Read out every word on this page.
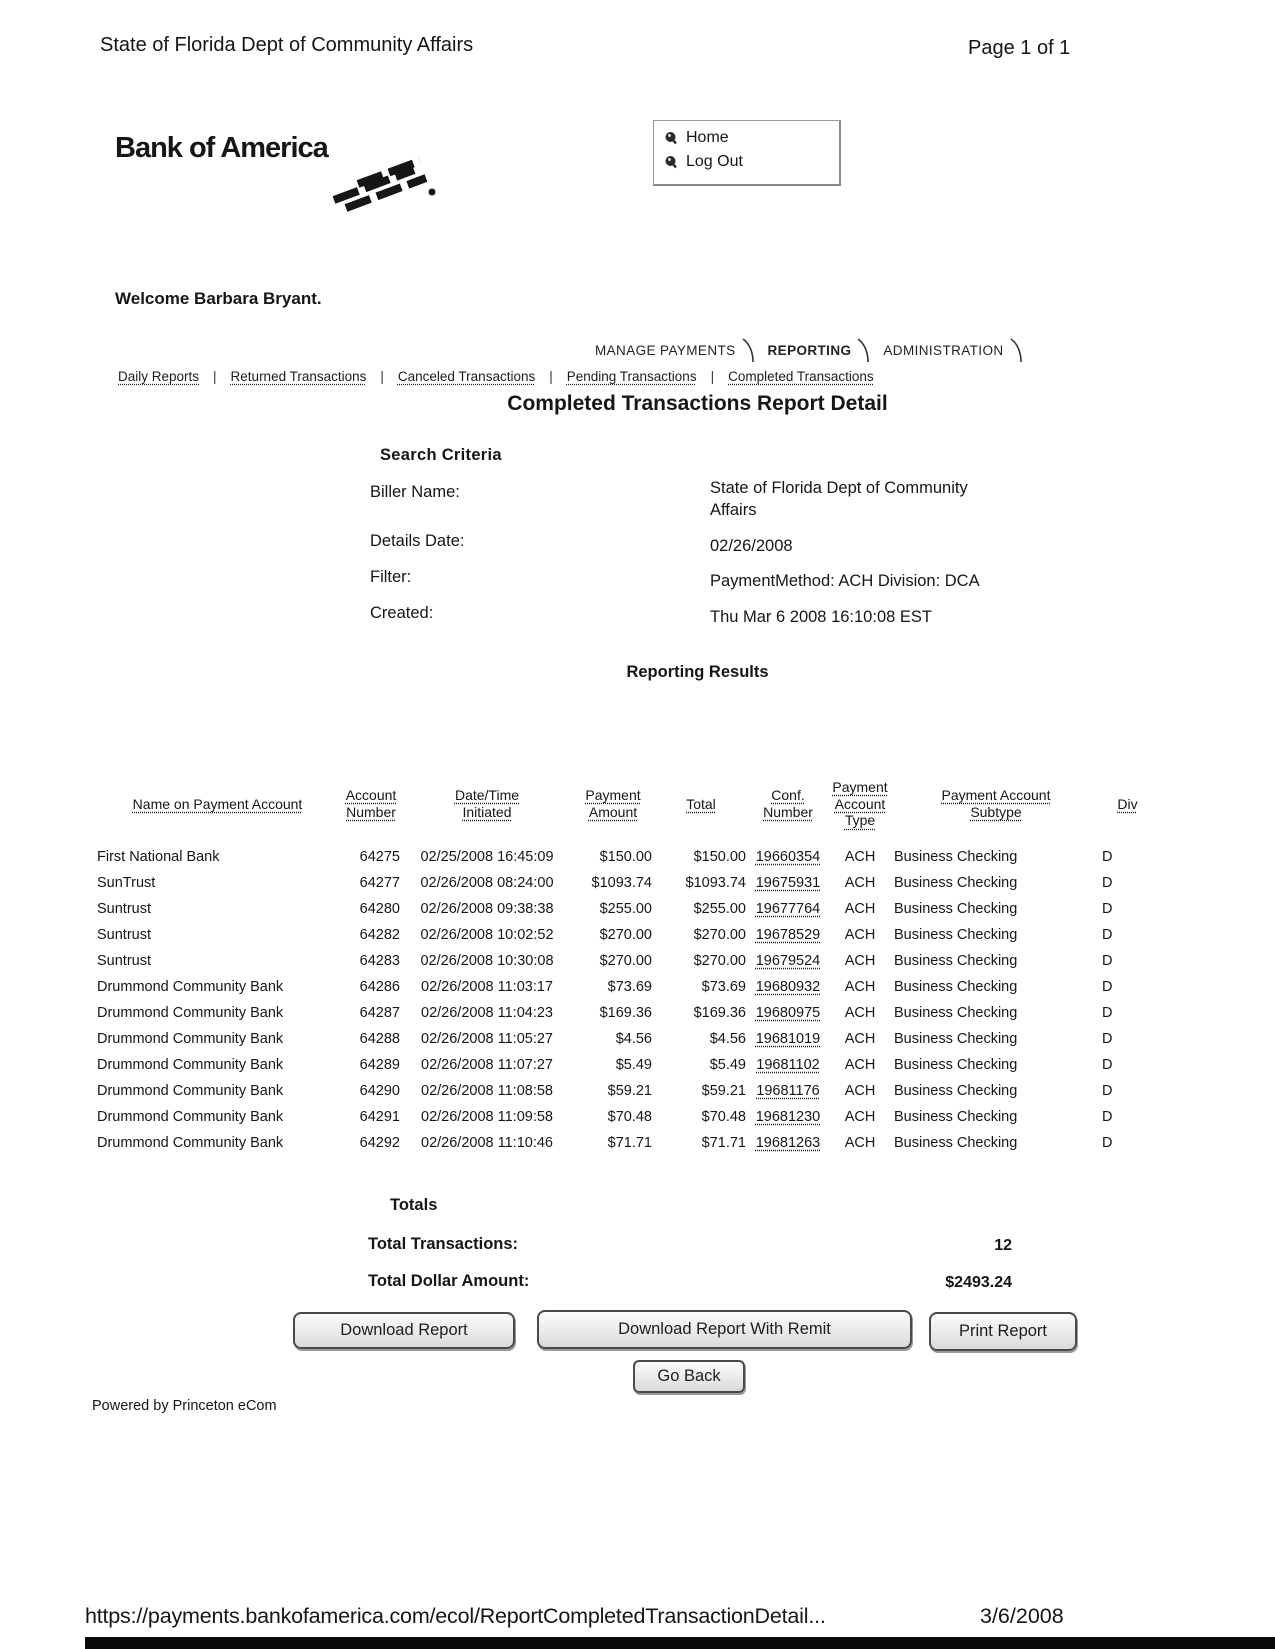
State of Florida Dept of Community Affairs	Page 1 of 1
Bank of America	Home
Log Out
Welcome Barbara Bryant.
MANAGE PAYMENTS REPORTING ADMINISTRATION
Daily Reports |	Returned Transactions |	Canceled Transactions |	Pending Transactions |	Completed Transactions
Completed Transactions Report Detail
Search Criteria
Biller Name:	State of Florida Dept of Community Affairs
Details Date:	02/26/2008
Filter:	PaymentMethod: ACH Division: DCA
Created:	Thu Mar 6 2008 16:10:08 EST
Reporting Results
Name on Payment Account	Account Number	Date/Time Initiated	Payment Amount	Total	Conf. Number	Payment Account Type	Payment Account Subtype	Div
First National Bank	64275	02/25/2008 16:45:09	$150.00	$150.00	19660354	ACH	Business Checking	D
SunTrust	64277	02/26/2008 08:24:00	$1093.74	$1093.74	19675931	ACH	Business Checking	D
Suntrust	64280	02/26/2008 09:38:38	$255.00	$255.00	19677764	ACH	Business Checking	D
Suntrust	64282	02/26/2008 10:02:52	$270.00	$270.00	19678529	ACH	Business Checking	D
Suntrust	64283	02/26/2008 10:30:08	$270.00	$270.00	19679524	ACH	Business Checking	D
Drummond Community Bank	64286	02/26/2008 11:03:17	$73.69	$73.69	19680932	ACH	Business Checking	D
Drummond Community Bank	64287	02/26/2008 11:04:23	$169.36	$169.36	19680975	ACH	Business Checking	D
Drummond Community Bank	64288	02/26/2008 11:05:27	$4.56	$4.56	19681019	ACH	Business Checking	D
Drummond Community Bank	64289	02/26/2008 11:07:27	$5.49	$5.49	19681102	ACH	Business Checking	D
Drummond Community Bank	64290	02/26/2008 11:08:58	$59.21	$59.21	19681176	ACH	Business Checking	D
Drummond Community Bank	64291	02/26/2008 11:09:58	$70.48	$70.48	19681230	ACH	Business Checking	D
Drummond Community Bank	64292	02/26/2008 11:10:46	$71.71	$71.71	19681263	ACH	Business Checking	D
Totals
Total Transactions:	12
Total Dollar Amount:	$2493.24
Download Report	Download Report With Remit	Print Report
Go Back
Powered by Princeton eCom
https://payments.bankofamerica.com/ecol/ReportCompletedTransactionDetail...	3/6/2008
